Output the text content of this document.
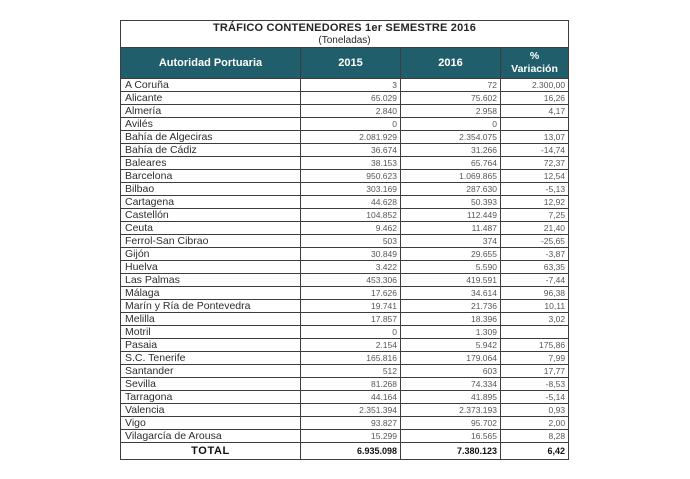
TRÁFICO CONTENEDORES 1er SEMESTRE 2016
(Toneladas)			

Autoridad Portuaria	2015	2016	%
Variación
A Coruña	3	72	2.300,00
Alicante	65.029	75.602	16,26
Almería	2.840	2.958	4,17
Avilés	0	0	
Bahía de Algeciras	2.081.929	2.354.075	13,07
Bahía de Cádiz	36.674	31.266	-14,74
Baleares	38.153	65.764	72,37
Barcelona	950.623	1.069.865	12,54
Bilbao	303.169	287.630	-5,13
Cartagena	44.628	50.393	12,92
Castellón	104.852	112.449	7,25
Ceuta	9.462	11.487	21,40
Ferrol-San Cibrao	503	374	-25,65
Gijón	30.849	29.655	-3,87
Huelva	3.422	5.590	63,35
Las Palmas	453.306	419.591	-7,44
Málaga	17.626	34.614	96,38
Marín y Ría de Pontevedra	19.741	21.736	10,11
Melilla	17.857	18.396	3,02
Motril	0	1.309	
Pasaia	2.154	5.942	175,86
S.C. Tenerife	165.816	179.064	7,99
Santander	512	603	17,77
Sevilla	81.268	74.334	-8,53
Tarragona	44.164	41.895	-5,14
Valencia	2.351.394	2.373.193	0,93
Vigo	93.827	95.702	2,00
Vilagarcía de Arousa	15.299	16.565	8,28
TOTAL	6.935.098	7.380.123	6,42
